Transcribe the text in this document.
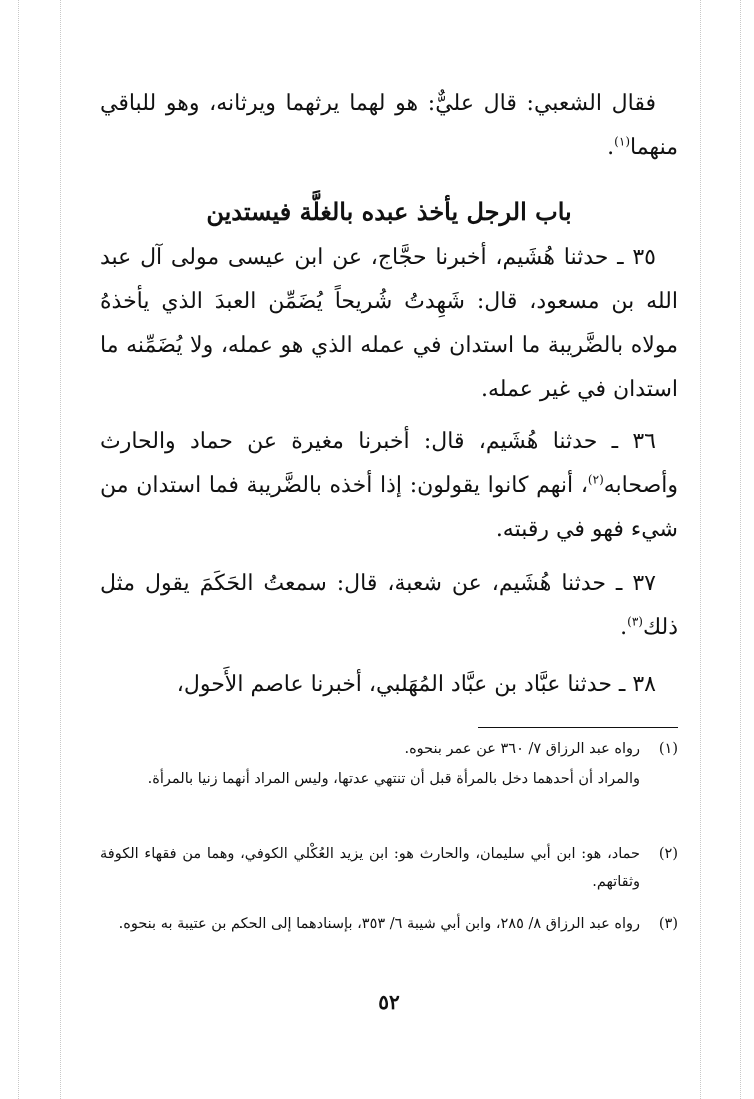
فقال الشعبي: قال عليٌّ: هو لهما يرثهما ويرثانه، وهو للباقي منهما$^{(١)}$.
باب الرجل يأخذ عبده بالغلَّة فيستدين
٣٥ ـ حدثنا هُشَيم، أخبرنا حجَّاج، عن ابن عيسى مولى آل عبد الله بن مسعود، قال: شَهِدتُ شُريحاً يُضَمِّن العبدَ الذي يأخذهُ مولاه بالضَّريبة ما استدان في عمله الذي هو عمله، ولا يُضَمِّنه ما استدان في غير عمله.
٣٦ ـ حدثنا هُشَيم، قال: أخبرنا مغيرة عن حماد والحارث وأصحابه$^{(٢)}$، أنهم كانوا يقولون: إذا أخذه بالضَّريبة فما استدان من شيء فهو في رقبته.
٣٧ ـ حدثنا هُشَيم، عن شعبة، قال: سمعتُ الحَكَمَ يقول مثل ذلك$^{(٣)}$.
٣٨ ـ حدثنا عبَّاد بن عبَّاد المُهَلبي، أخبرنا عاصم الأَحول،
(١)
رواه عبد الرزاق ٧/ ٣٦٠ عن عمر بنحوه.
والمراد أن أحدهما دخل بالمرأة قبل أن تنتهي عدتها، وليس المراد أنهما زنيا بالمرأة.
(٢)
حماد، هو: ابن أبي سليمان، والحارث هو: ابن يزيد العُكْلي الكوفي، وهما من فقهاء الكوفة وثقاتهم.
(٣)
رواه عبد الرزاق ٨/ ٢٨٥، وابن أبي شيبة ٦/ ٣٥٣، بإسنادهما إلى الحكم بن عتيبة به بنحوه.
٥٢
